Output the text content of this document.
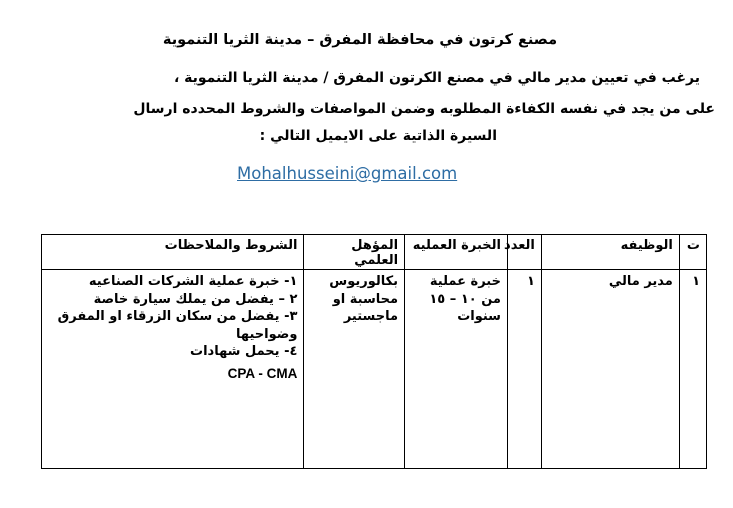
مصنع كرتون في محافظة المفرق – مدينة الثريا التنموية
يرغب في تعيين مدير مالي في مصنع الكرتون المفرق / مدينة الثريا التنموية ،
على من يجد في نفسه الكفاءة المطلوبه وضمن المواصفات والشروط المحدده ارسال
السيرة الذاتية على الايميل التالي :
Mohalhusseini@gmail.com
ت	الوظيفه	العدد	الخبرة العمليه	المؤهل العلمي	الشروط والملاحظات
١	مدير مالي	١	خبرة عملية من ١٠ – ١٥ سنوات	بكالوريوس محاسبة او ماجستير	١- خبرة عملية الشركات الصناعيه
٢ – يفضل من يملك سيارة خاصة
٣- يفضل من سكان الزرقاء او المفرق وضواحيها
٤- يحمل شهادات
CPA - CMA
